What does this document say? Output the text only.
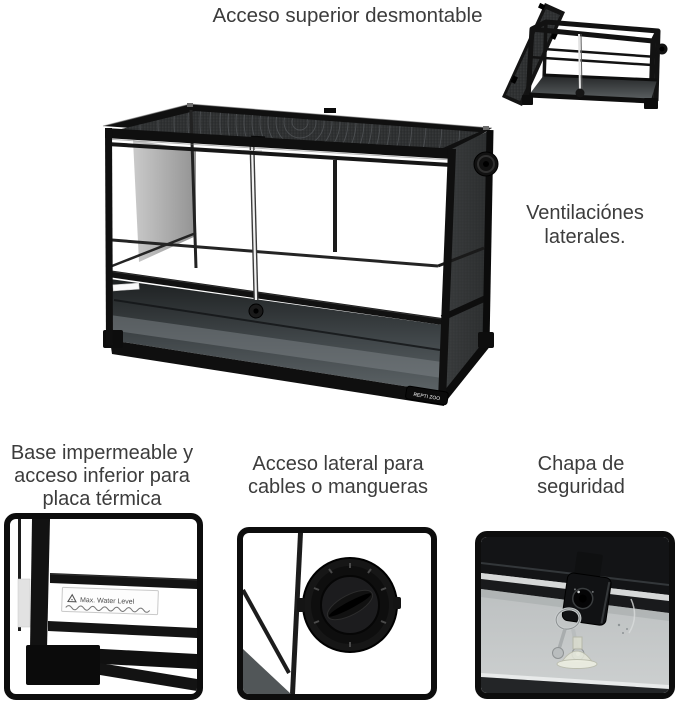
Acceso superior desmontable
Ventilaciónes laterales.
Base impermeable y acceso inferior para placa térmica
Acceso lateral para cables o mangueras
Chapa de seguridad
REPTI ZOO
Max. Water Level
